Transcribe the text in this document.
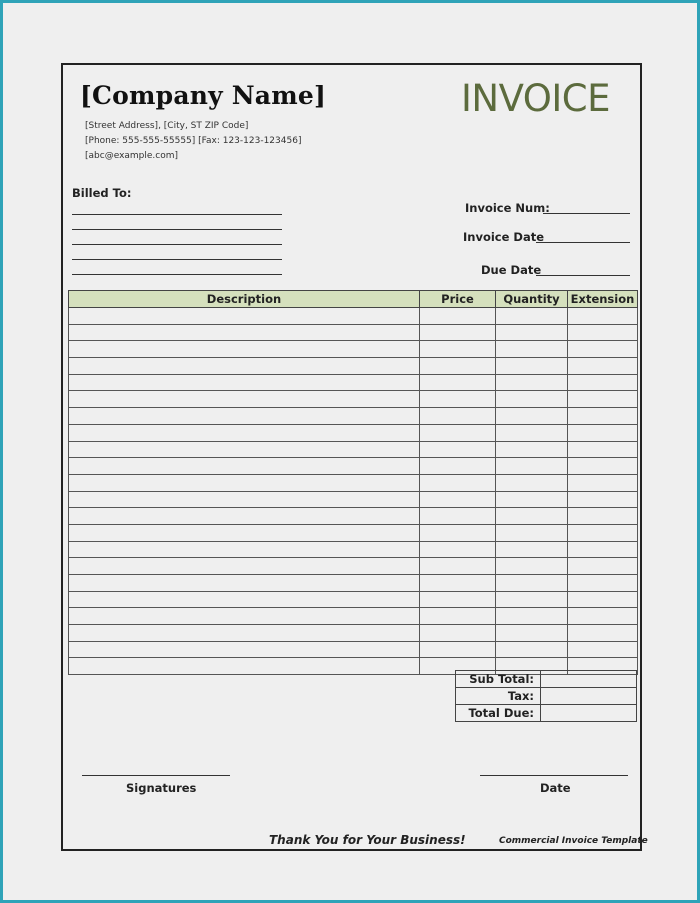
[Company Name]	INVOICE
[Street Address], [City, ST ZIP Code]
[Phone: 555-555-55555] [Fax: 123-123-123456]
[abc@example.com]
Billed To:
Invoice Num:
Invoice Date
Due Date
Description	Price	Quantity	Extension

Sub Total:	
Tax:	
Total Due:	
Signatures	Date
Thank You for Your Business!	Commercial Invoice Template
